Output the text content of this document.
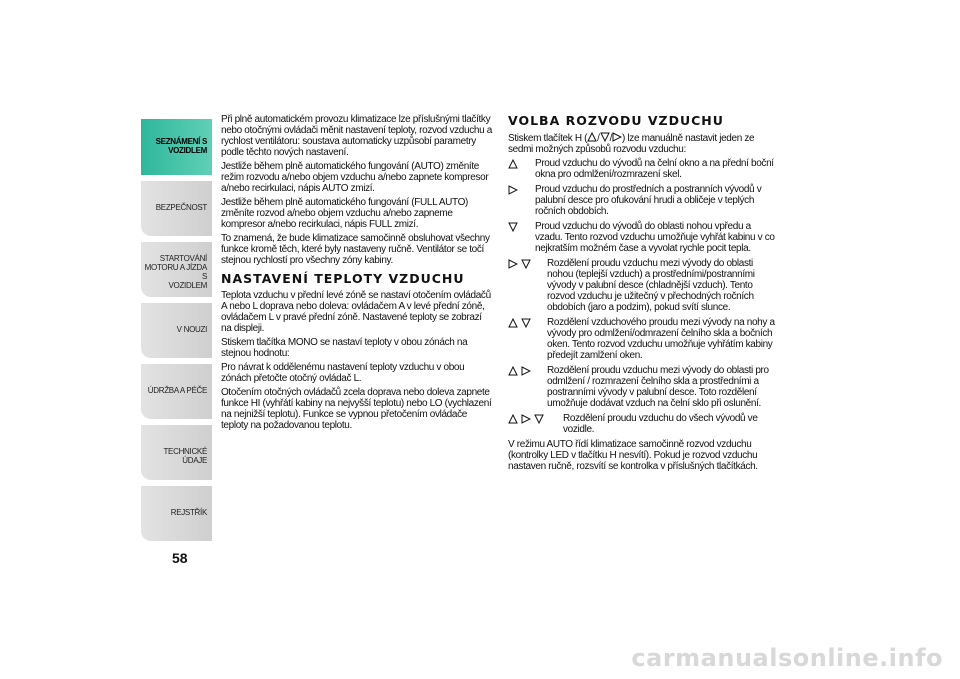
SEZNÁMENÍ S
VOZIDLEM
BEZPEČNOST
STARTOVÁNÍ
MOTORU A JÍZDA S
VOZIDLEM
V NOUZI
ÚDRŽBA A PÉČE
TECHNICKÉ ÚDAJE
REJSTŘÍK
58

Při plně automatickém provozu klimatizace lze příslušnými tlačítky nebo otočnými ovládači měnit nastavení teploty, rozvod vzduchu a rychlost ventilátoru: soustava automaticky uzpůsobí parametry podle těchto nových nastavení.

Jestliže během plně automatického fungování (AUTO) změníte režim rozvodu a/nebo objem vzduchu a/nebo zapnete kompresor a/nebo recirkulaci, nápis AUTO zmizí.

Jestliže během plně automatického fungování (FULL AUTO) změníte rozvod a/nebo objem vzduchu a/nebo zapneme kompresor a/nebo recirkulaci, nápis FULL zmizí.

To znamená, že bude klimatizace samočinně obsluhovat všechny funkce kromě těch, které byly nastaveny ručně. Ventilátor se točí stejnou rychlostí pro všechny zóny kabiny.

NASTAVENÍ TEPLOTY VZDUCHU

Teplota vzduchu v přední levé zóně se nastaví otočením ovládačů A nebo L doprava nebo doleva: ovládačem A v levé přední zóně, ovládačem L v pravé přední zóně. Nastavené teploty se zobrazí na displeji.

Stiskem tlačítka MONO se nastaví teploty v obou zónách na stejnou hodnotu:

Pro návrat k oddělenému nastavení teploty vzduchu v obou zónách přetočte otočný ovládač L.

Otočením otočných ovládačů zcela doprava nebo doleva zapnete funkce HI (vyhřátí kabiny na nejvyšší teplotu) nebo LO (vychlazení na nejnižší teplotu). Funkce se vypnou přetočením ovládače teploty na požadovanou teplotu.

VOLBA ROZVODU VZDUCHU

Stiskem tlačítek H ( / / ) lze manuálně nastavit jeden ze sedmi možných způsobů rozvodu vzduchu:

Proud vzduchu do vývodů na čelní okno a na přední boční okna pro odmlžení/rozmrazení skel.
Proud vzduchu do prostředních a postranních vývodů v palubní desce pro ofukování hrudi a obličeje v teplých ročních obdobích.
Proud vzduchu do vývodů do oblasti nohou vpředu a vzadu. Tento rozvod vzduchu umožňuje vyhřát kabinu v co nejkratším možném čase a vyvolat rychle pocit tepla.
Rozdělení proudu vzduchu mezi vývody do oblasti nohou (teplejší vzduch) a prostředními/postranními vývody v palubní desce (chladnější vzduch). Tento rozvod vzduchu je užitečný v přechodných ročních obdobích (jaro a podzim), pokud svítí slunce.
Rozdělení vzduchového proudu mezi vývody na nohy a vývody pro odmlžení/odmrazení čelního skla a bočních oken. Tento rozvod vzduchu umožňuje vyhřátím kabiny předejít zamlžení oken.
Rozdělení proudu vzduchu mezi vývody do oblasti pro odmlžení / rozmrazení čelního skla a prostředními a postranními vývody v palubní desce. Toto rozdělení umožňuje dodávat vzduch na čelní sklo při oslunění.
Rozdělení proudu vzduchu do všech vývodů ve vozidle.

V režimu AUTO řídí klimatizace samočinně rozvod vzduchu (kontrolky LED v tlačítku H nesvítí). Pokud je rozvod vzduchu nastaven ručně, rozsvítí se kontrolka v příslušných tlačítkách.

carmanualsonline.info
